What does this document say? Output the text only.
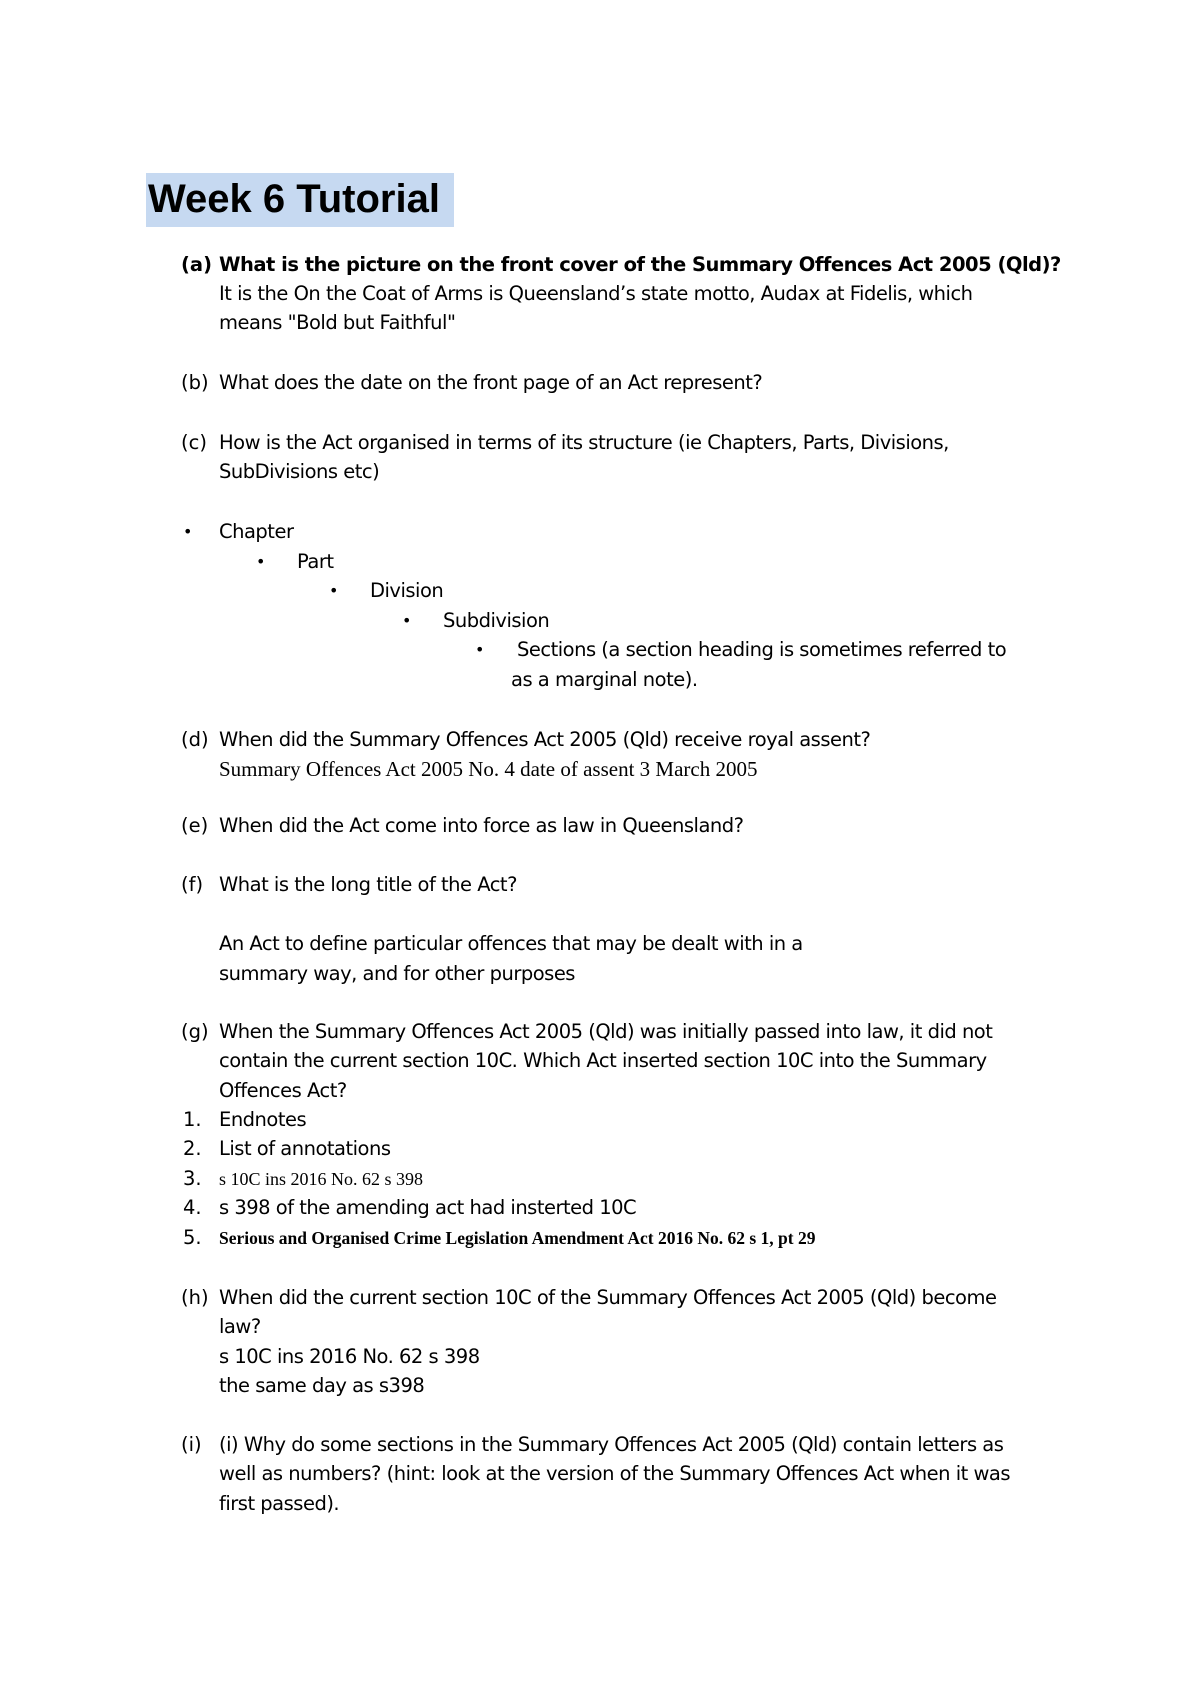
Week 6 Tutorial
(a) What is the picture on the front cover of the Summary Offences Act 2005 (Qld)?
It is the On the Coat of Arms is Queensland’s state motto, Audax at Fidelis, which
means "Bold but Faithful"
(b) What does the date on the front page of an Act represent?
(c) How is the Act organised in terms of its structure (ie Chapters, Parts, Divisions,
SubDivisions etc)
• Chapter
• Part
• Division
• Subdivision
• Sections (a section heading is sometimes referred to
as a marginal note).
(d) When did the Summary Offences Act 2005 (Qld) receive royal assent?
Summary Offences Act 2005 No. 4 date of assent 3 March 2005
(e) When did the Act come into force as law in Queensland?
(f) What is the long title of the Act?
An Act to define particular offences that may be dealt with in a
summary way, and for other purposes
(g) When the Summary Offences Act 2005 (Qld) was initially passed into law, it did not
contain the current section 10C. Which Act inserted section 10C into the Summary
Offences Act?
1. Endnotes
2. List of annotations
3. s 10C ins 2016 No. 62 s 398
4. s 398 of the amending act had insterted 10C
5. Serious and Organised Crime Legislation Amendment Act 2016 No. 62 s 1, pt 29
(h) When did the current section 10C of the Summary Offences Act 2005 (Qld) become
law?
s 10C ins 2016 No. 62 s 398
the same day as s398
(i) (i) Why do some sections in the Summary Offences Act 2005 (Qld) contain letters as
well as numbers? (hint: look at the version of the Summary Offences Act when it was
first passed).
